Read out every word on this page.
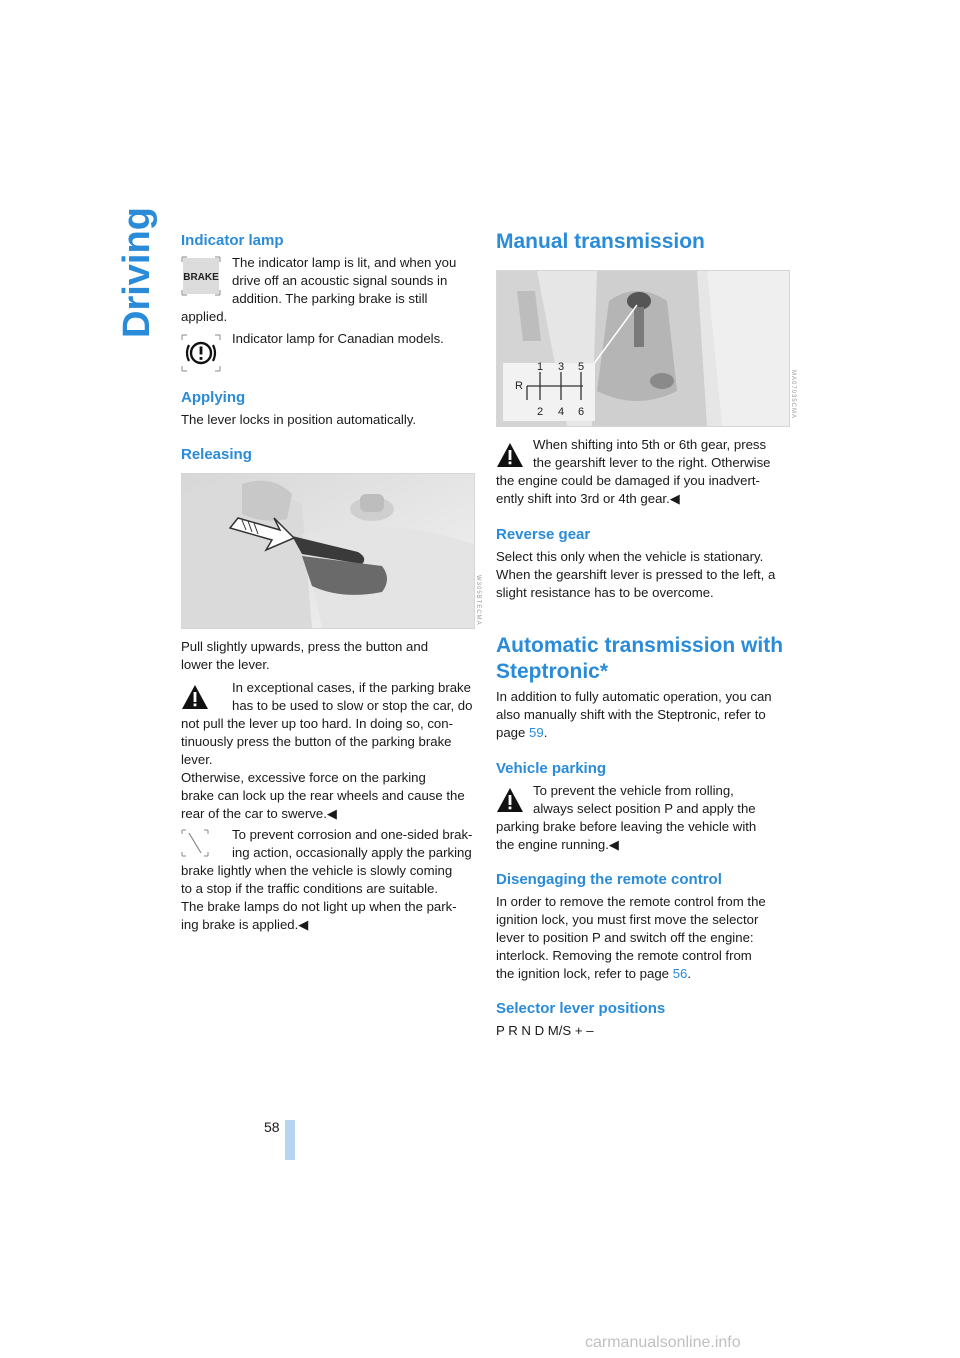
Driving Indicator lamp
BRAKE

The indicator lamp is lit, and when you
drive off an acoustic signal sounds in
addition. The parking brake is still
applied.

Indicator lamp for Canadian models.

Applying

The lever locks in position automatically.

Releasing
W305BTECMA

Pull slightly upwards, press the button and
lower the lever.

In exceptional cases, if the parking brake
has to be used to slow or stop the car, do
not pull the lever up too hard. In doing so, con-
tinuously press the button of the parking brake
lever.
Otherwise, excessive force on the parking
brake can lock up the rear wheels and cause the
rear of the car to swerve.◀

To prevent corrosion and one-sided brak-
ing action, occasionally apply the parking
brake lightly when the vehicle is slowly coming
to a stop if the traffic conditions are suitable.
The brake lamps do not light up when the park-
ing brake is applied.◀

Manual transmission
R
1 3 5
2 4 6	MA07035CMA

When shifting into 5th or 6th gear, press
the gearshift lever to the right. Otherwise
the engine could be damaged if you inadvert-
ently shift into 3rd or 4th gear.◀

Reverse gear

Select this only when the vehicle is stationary.
When the gearshift lever is pressed to the left, a
slight resistance has to be overcome.

Automatic transmission with
Steptronic*

In addition to fully automatic operation, you can
also manually shift with the Steptronic, refer to
page 59.

Vehicle parking

To prevent the vehicle from rolling,
always select position P and apply the
parking brake before leaving the vehicle with
the engine running.◀

Disengaging the remote control

In order to remove the remote control from the
ignition lock, you must first move the selector
lever to position P and switch off the engine:
interlock. Removing the remote control from
the ignition lock, refer to page 56.

Selector lever positions

P R N D M/S + –

58
carmanualsonline.info
